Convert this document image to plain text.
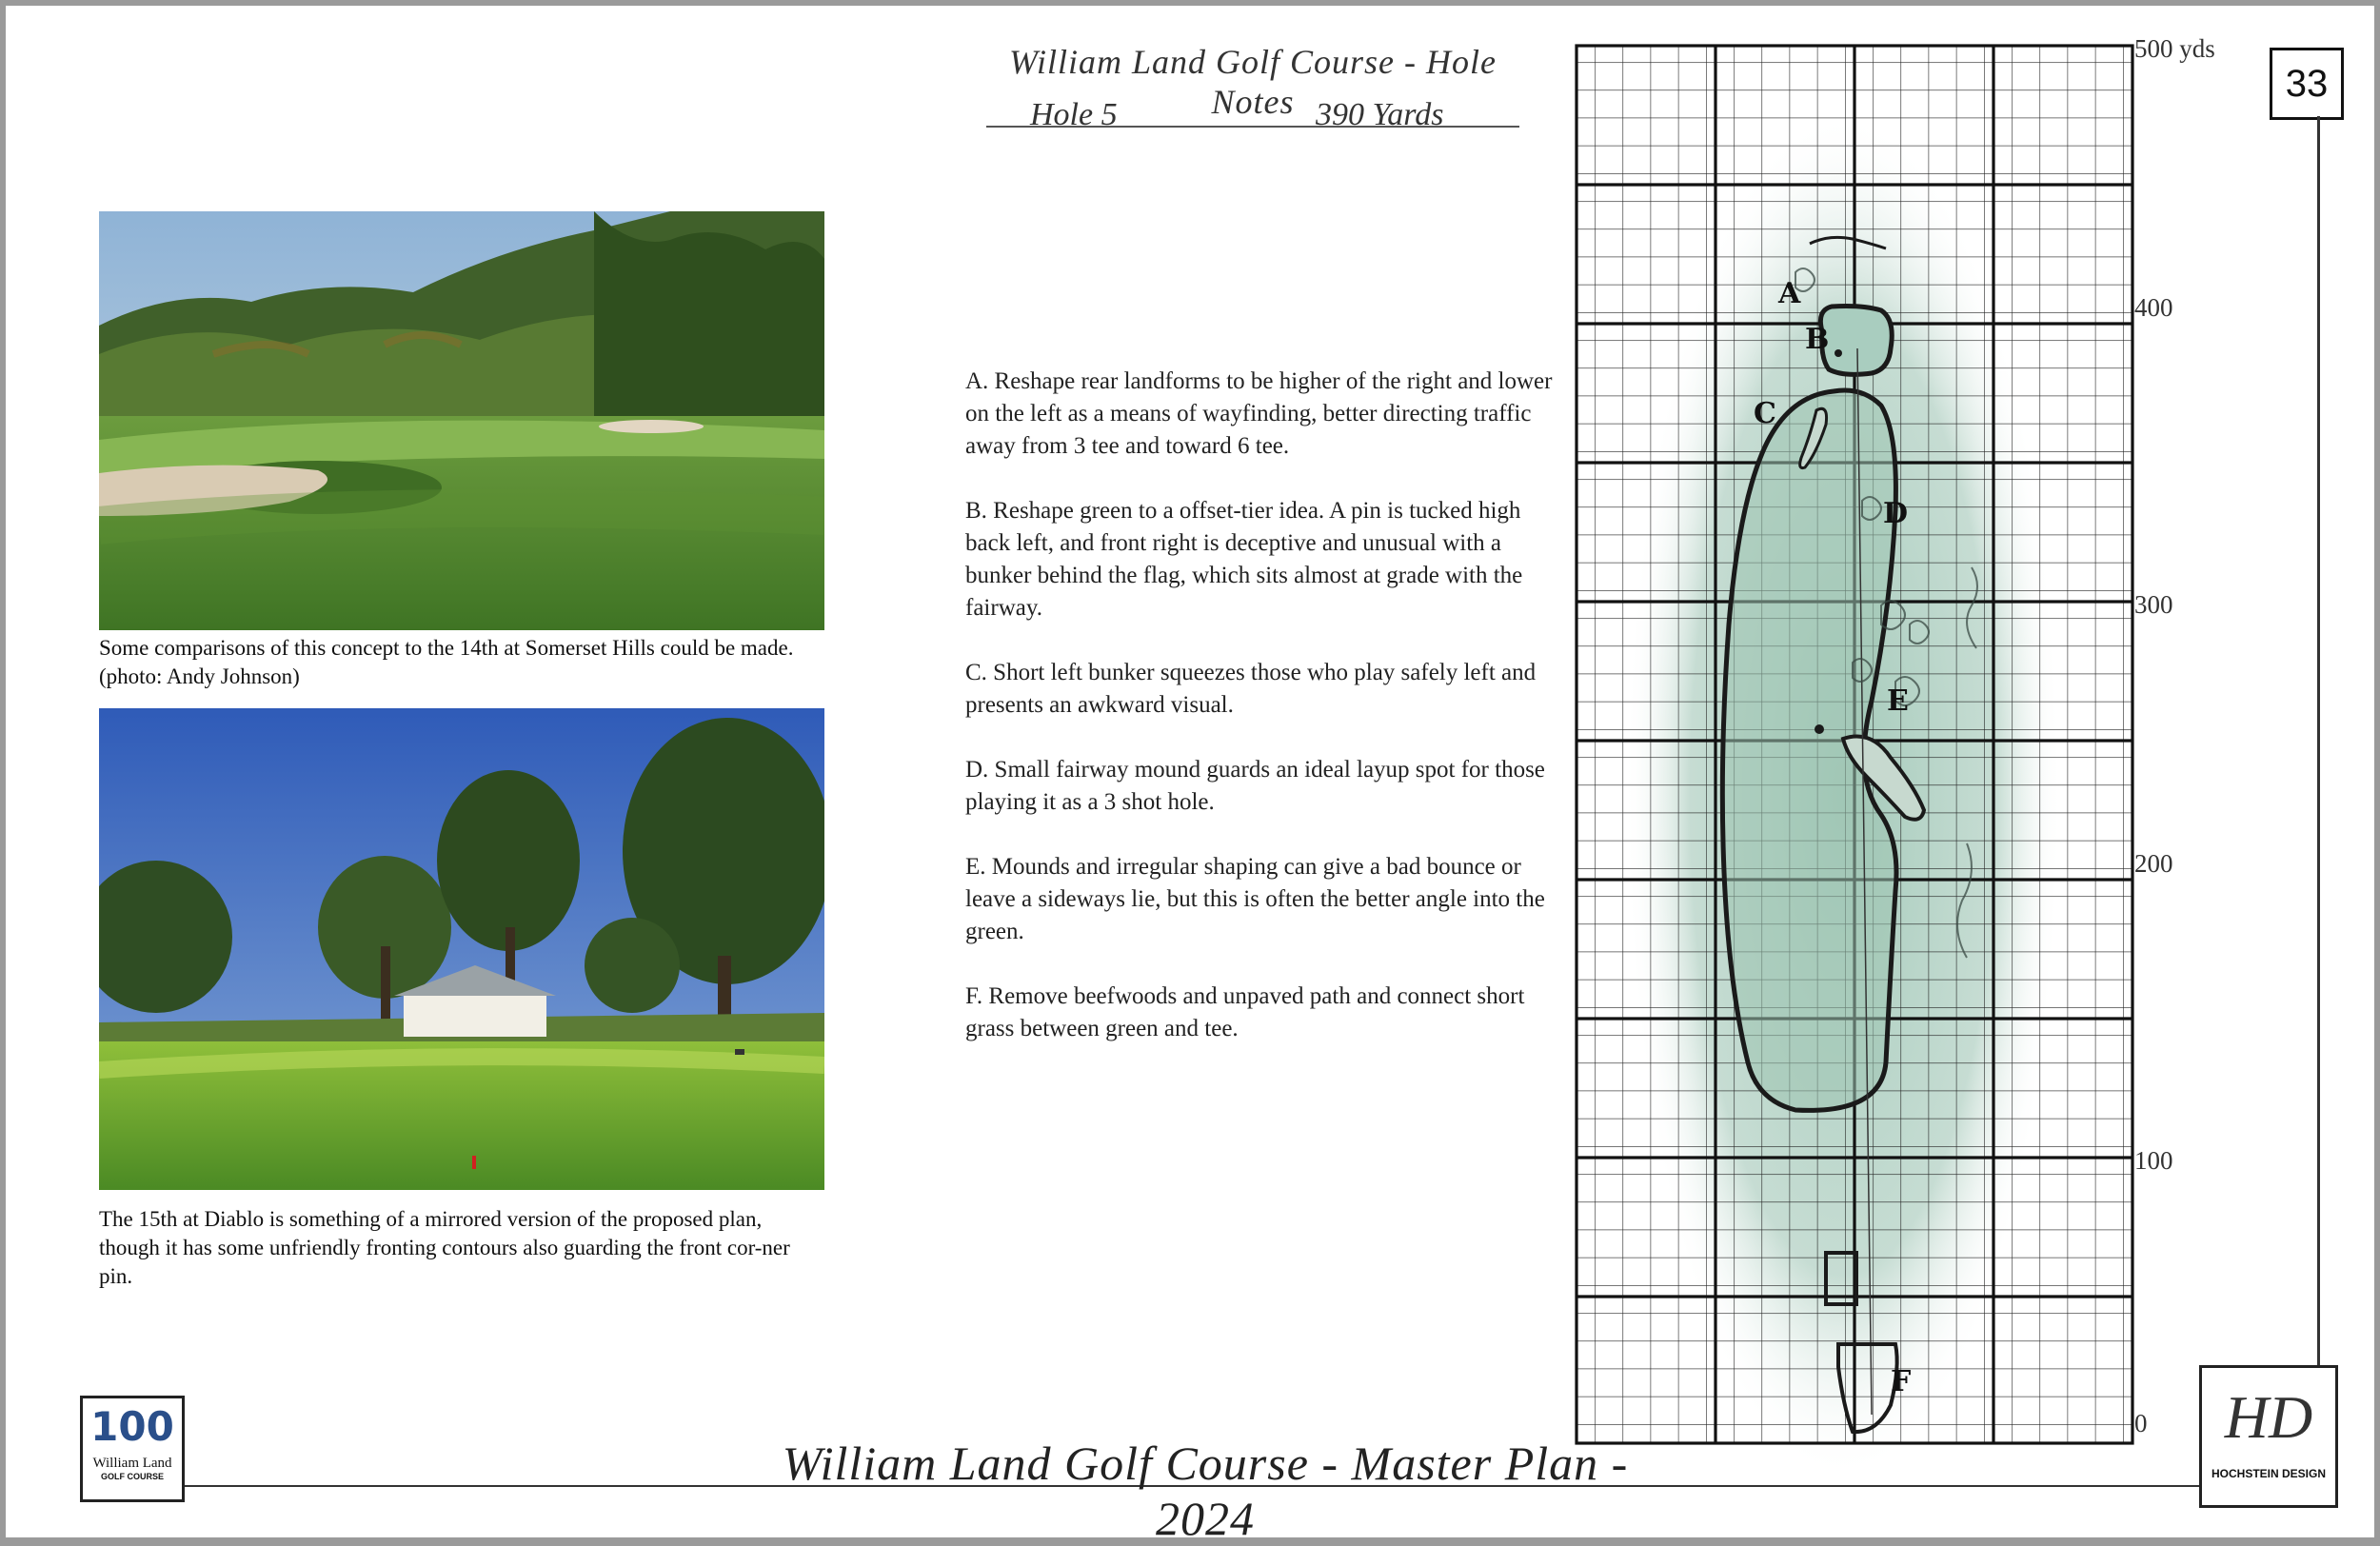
William Land Golf Course - Hole Notes
Hole 5	390 Yards
Some comparisons of this concept to the 14th at Somerset Hills could be made. (photo: Andy Johnson)
The 15th at Diablo is something of a mirrored version of the proposed plan, though it has some unfriendly fronting contours also guarding the front cor-ner pin.

A. Reshape rear landforms to be higher of the right and lower on the left as a means of wayfinding, better directing traffic away from 3 tee and toward 6 tee.

B. Reshape green to a offset-tier idea. A pin is tucked high back left, and front right is deceptive and unusual with a bunker behind the flag, which sits almost at grade with the fairway.

C. Short left bunker squeezes those who play safely left and presents an awkward visual.

D. Small fairway mound guards an ideal layup spot for those playing it as a 3 shot hole.

E. Mounds and irregular shaping can give a bad bounce or leave a sideways lie, but this is often the better angle into the green.

F. Remove beefwoods and unpaved path and connect short grass between green and tee.

A
B
C
D
E
F
500 yds
400
300
200
100
0
33
William Land Golf Course - Master Plan - 2024
100
William Land
GOLF COURSE
HD
HOCHSTEIN DESIGN
